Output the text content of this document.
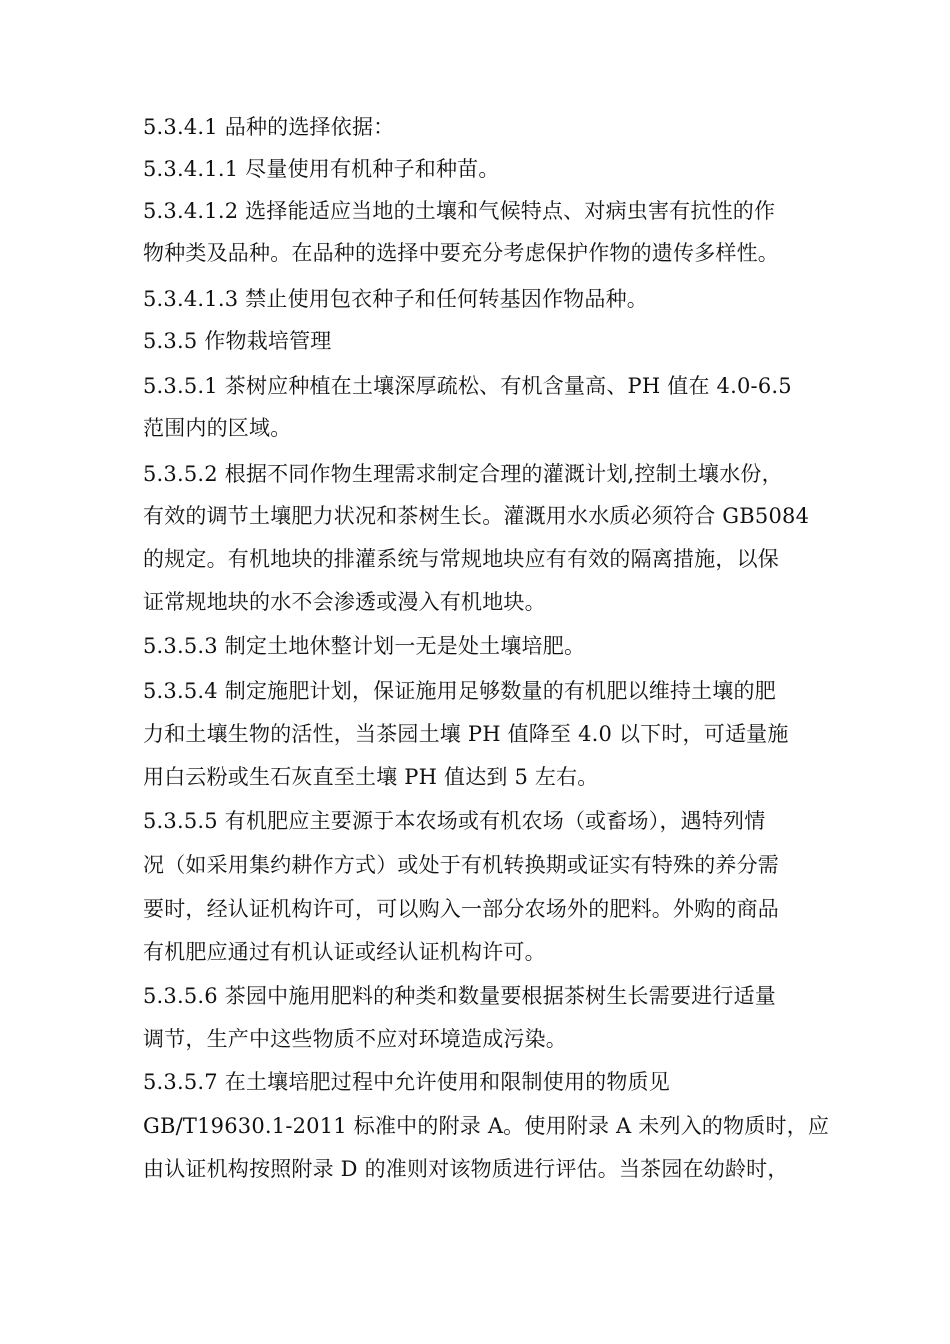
5.3.4.1 品种的选择依据：
5.3.4.1.1 尽量使用有机种子和种苗。
5.3.4.1.2 选择能适应当地的土壤和气候特点、对病虫害有抗性的作
物种类及品种。在品种的选择中要充分考虑保护作物的遗传多样性。
5.3.4.1.3 禁止使用包衣种子和任何转基因作物品种。
5.3.5 作物栽培管理
5.3.5.1 茶树应种植在土壤深厚疏松、有机含量高、PH 值在 4.0-6.5
范围内的区域。
5.3.5.2 根据不同作物生理需求制定合理的灌溉计划,控制土壤水份，
有效的调节土壤肥力状况和茶树生长。灌溉用水水质必须符合 GB5084
的规定。有机地块的排灌系统与常规地块应有有效的隔离措施，以保
证常规地块的水不会渗透或漫入有机地块。
5.3.5.3 制定土地休整计划一无是处土壤培肥。
5.3.5.4 制定施肥计划，保证施用足够数量的有机肥以维持土壤的肥
力和土壤生物的活性，当茶园土壤 PH 值降至 4.0 以下时，可适量施
用白云粉或生石灰直至土壤 PH 值达到 5 左右。
5.3.5.5 有机肥应主要源于本农场或有机农场（或畜场），遇特列情
况（如采用集约耕作方式）或处于有机转换期或证实有特殊的养分需
要时，经认证机构许可，可以购入一部分农场外的肥料。外购的商品
有机肥应通过有机认证或经认证机构许可。
5.3.5.6 茶园中施用肥料的种类和数量要根据茶树生长需要进行适量
调节，生产中这些物质不应对环境造成污染。
5.3.5.7 在土壤培肥过程中允许使用和限制使用的物质见
GB/T19630.1-2011 标准中的附录 A。使用附录 A 未列入的物质时，应
由认证机构按照附录 D 的准则对该物质进行评估。当茶园在幼龄时，
